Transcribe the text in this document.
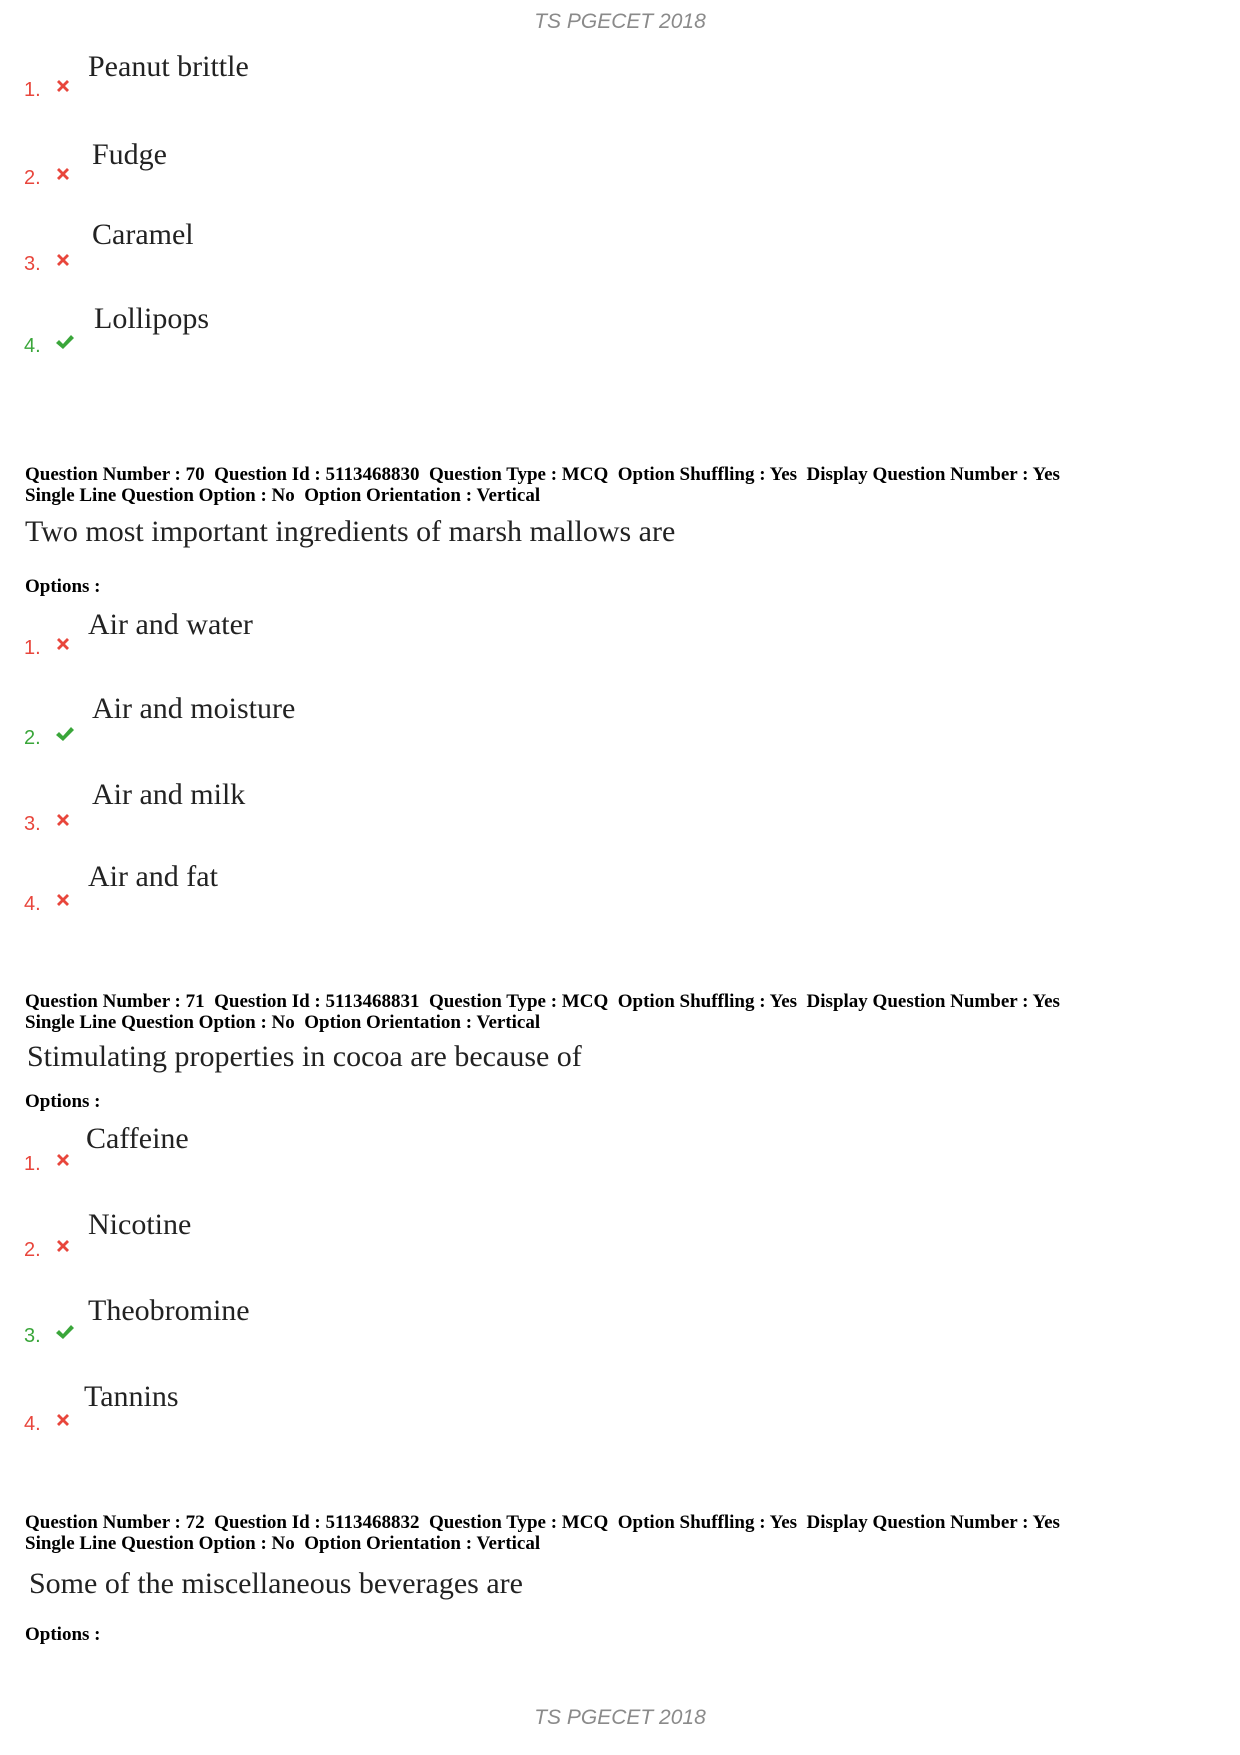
TS PGECET 2018
1.
Peanut brittle
2.
Fudge
3.
Caramel
4.
Lollipops
Question Number : 70  Question Id : 5113468830  Question Type : MCQ  Option Shuffling : Yes  Display Question Number : Yes
Single Line Question Option : No  Option Orientation : Vertical
Two most important ingredients of marsh mallows are
Options :
1.
Air and water
2.
Air and moisture
3.
Air and milk
4.
Air and fat
Question Number : 71  Question Id : 5113468831  Question Type : MCQ  Option Shuffling : Yes  Display Question Number : Yes
Single Line Question Option : No  Option Orientation : Vertical
Stimulating properties in cocoa are because of
Options :
1.
Caffeine
2.
Nicotine
3.
Theobromine
4.
Tannins
Question Number : 72  Question Id : 5113468832  Question Type : MCQ  Option Shuffling : Yes  Display Question Number : Yes
Single Line Question Option : No  Option Orientation : Vertical
Some of the miscellaneous beverages are
Options :
TS PGECET 2018
